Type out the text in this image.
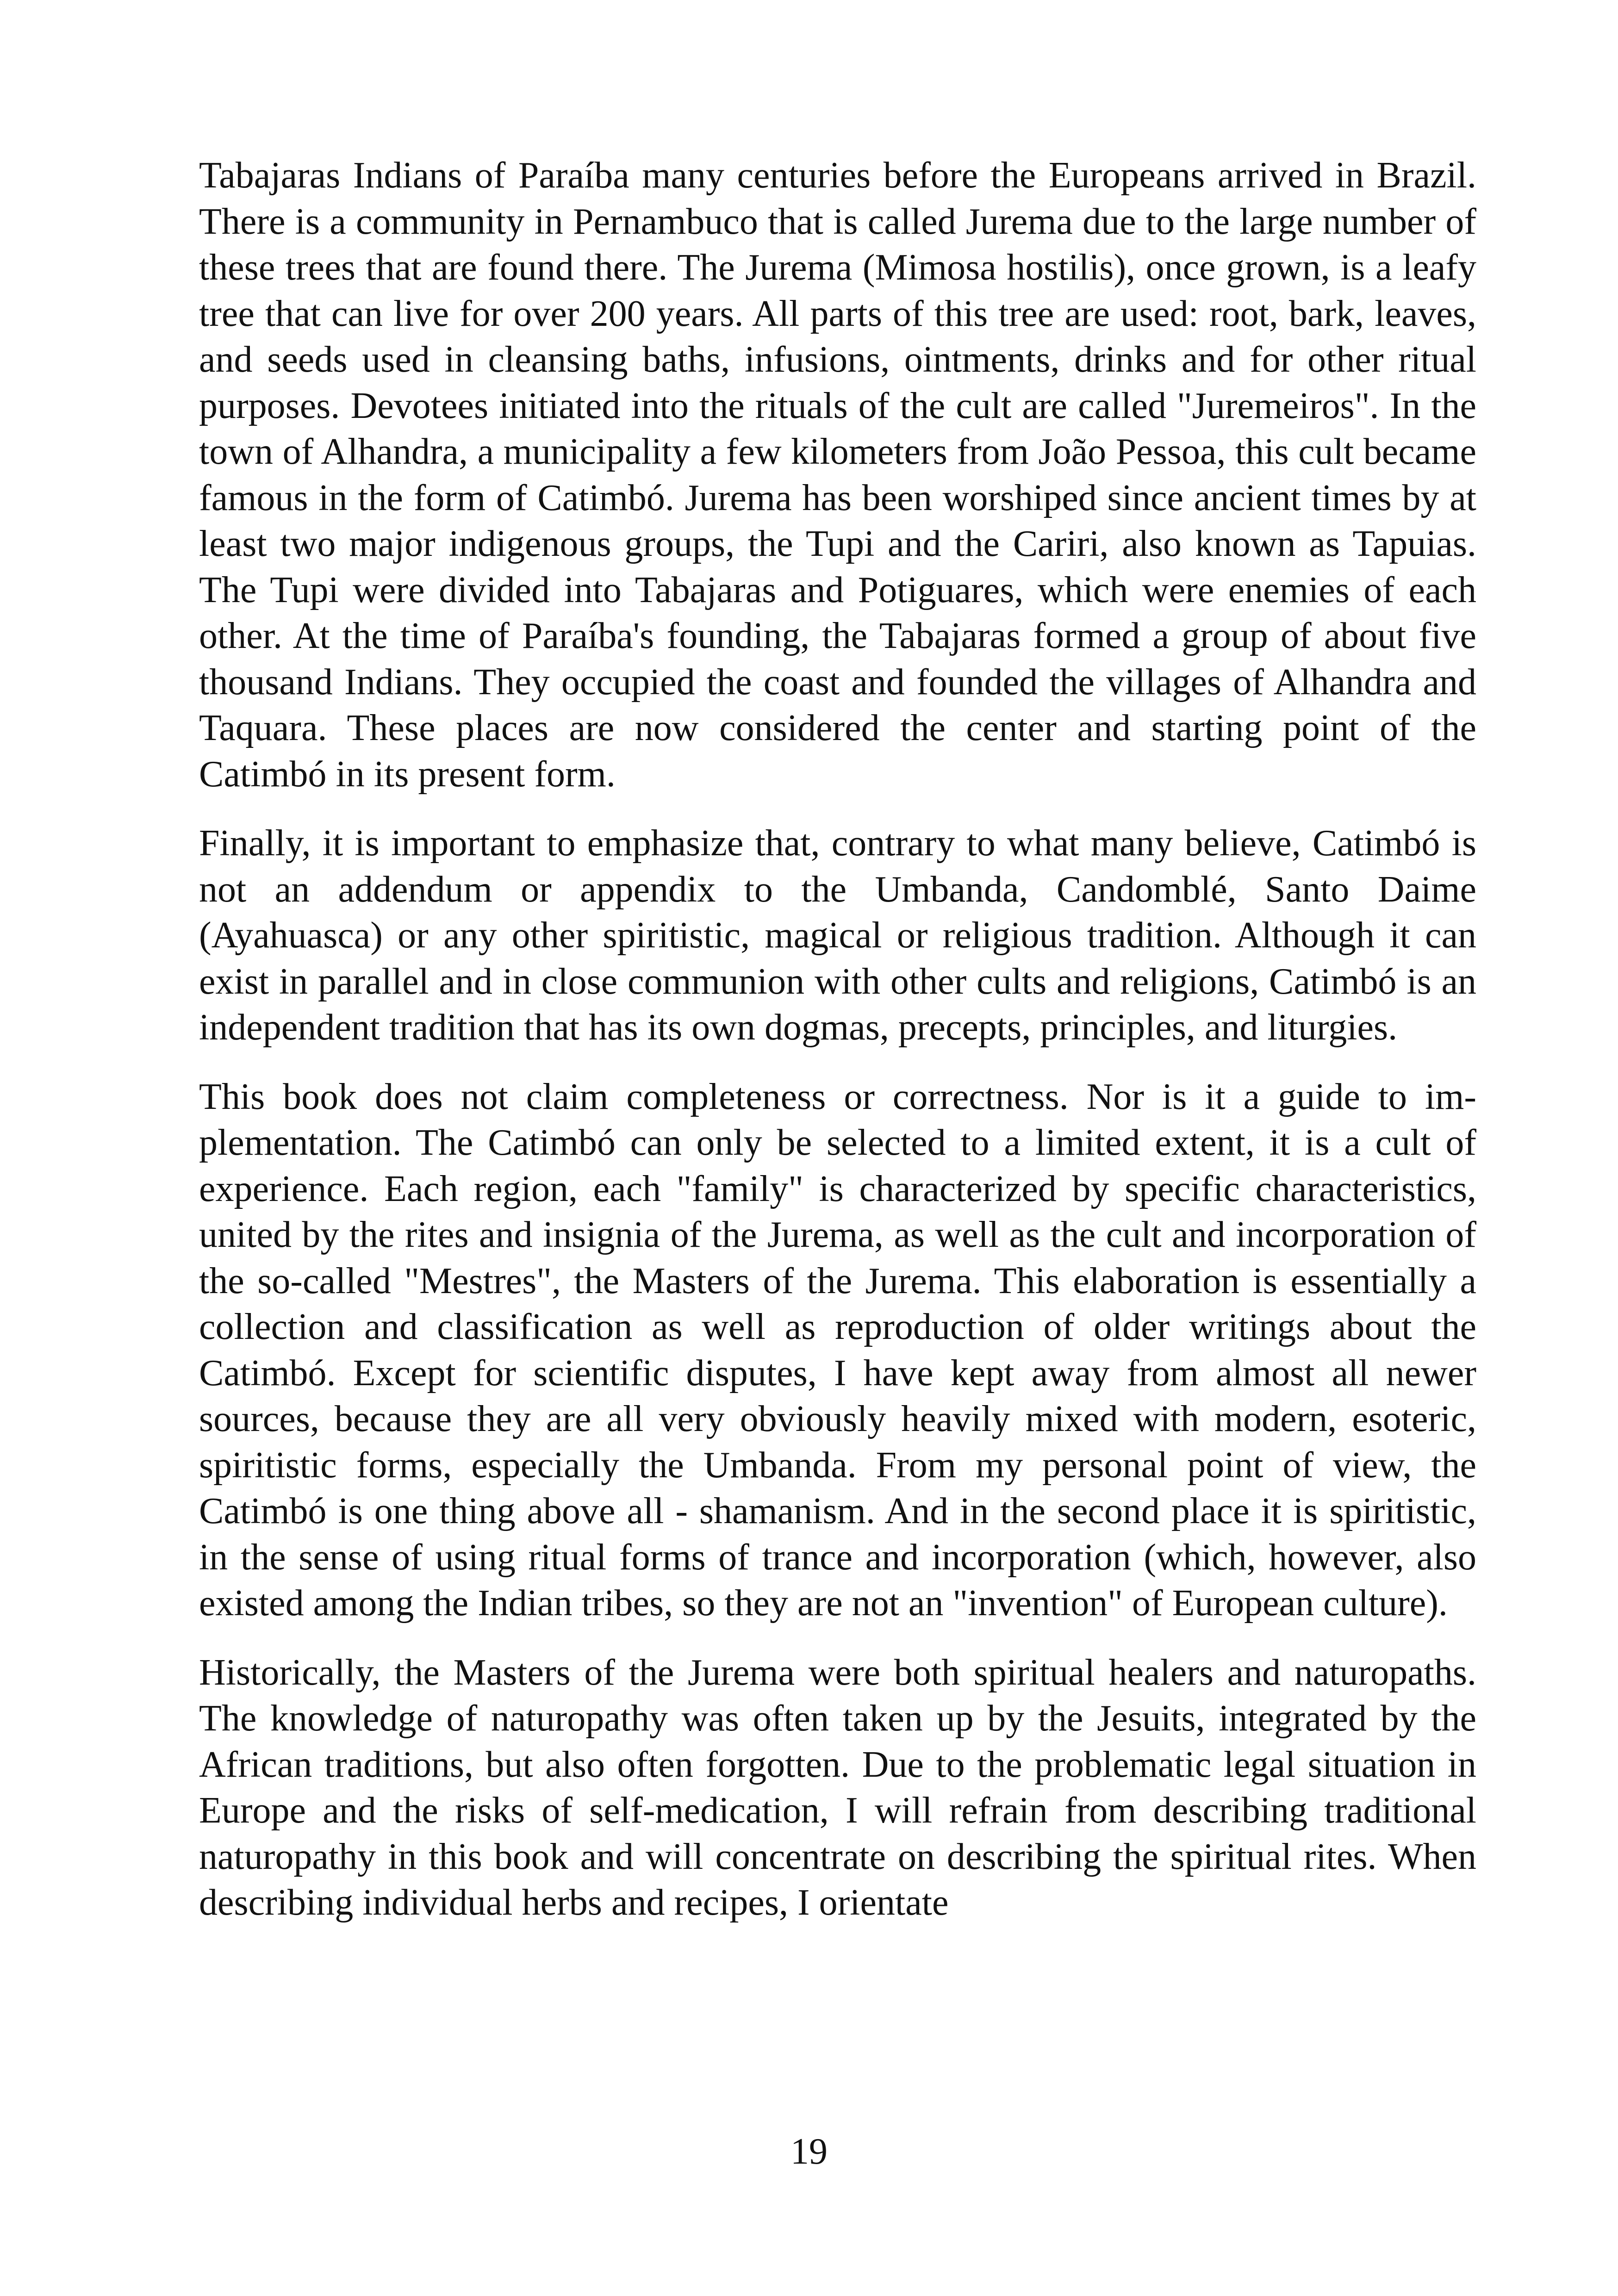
Tabajaras Indians of Paraíba many centuries before the Europeans arrived in Brazil. There is a community in Pernambuco that is called Jurema due to the large number of these trees that are found there. The Jurema (Mimosa hostilis), once grown, is a leafy tree that can live for over 200 years. All parts of this tree are used: root, bark, leaves, and seeds used in cleansing baths, infusions, ointments, drinks and for other ritual purposes. Devotees initiated into the rituals of the cult are called "Juremeiros". In the town of Alhandra, a municipality a few kilometers from João Pessoa, this cult became famous in the form of Catimbó. Jurema has been worshiped since ancient times by at least two major indigenous groups, the Tupi and the Cariri, also known as Tapuias. The Tupi were divided into Tabajaras and Potiguares, which were enemies of each other. At the time of Paraíba's founding, the Tabajaras formed a group of about five thousand Indians. They occupied the coast and founded the villages of Alhandra and Taquara. These places are now considered the center and starting point of the Catimbó in its present form.

Finally, it is important to emphasize that, contrary to what many believe, Catimbó is not an addendum or appendix to the Umbanda, Candomblé, Santo Daime (Ayahuasca) or any other spiritistic, magical or religious tradition. Although it can exist in parallel and in close communion with other cults and religions, Catimbó is an independent tradition that has its own dogmas, precepts, principles, and liturgies.

This book does not claim completeness or correctness. Nor is it a guide to implementation. The Catimbó can only be selected to a limited extent, it is a cult of experience. Each region, each "family" is characterized by specific characteristics, united by the rites and insignia of the Jurema, as well as the cult and incorporation of the so-called "Mestres", the Masters of the Jurema. This elaboration is essentially a collection and classification as well as reproduction of older writings about the Catimbó. Except for scientific disputes, I have kept away from almost all newer sources, because they are all very obviously heavily mixed with modern, esoteric, spiritistic forms, especially the Umbanda. From my personal point of view, the Catimbó is one thing above all - shamanism. And in the second place it is spiritistic, in the sense of using ritual forms of trance and incorporation (which, however, also existed among the Indian tribes, so they are not an "invention" of European culture).

Historically, the Masters of the Jurema were both spiritual healers and naturopaths. The knowledge of naturopathy was often taken up by the Jesuits, integrated by the African traditions, but also often forgotten. Due to the problematic legal situation in Europe and the risks of self-medication, I will refrain from describing traditional naturopathy in this book and will concentrate on describing the spiritual rites. When describing individual herbs and recipes, I orientate

19
